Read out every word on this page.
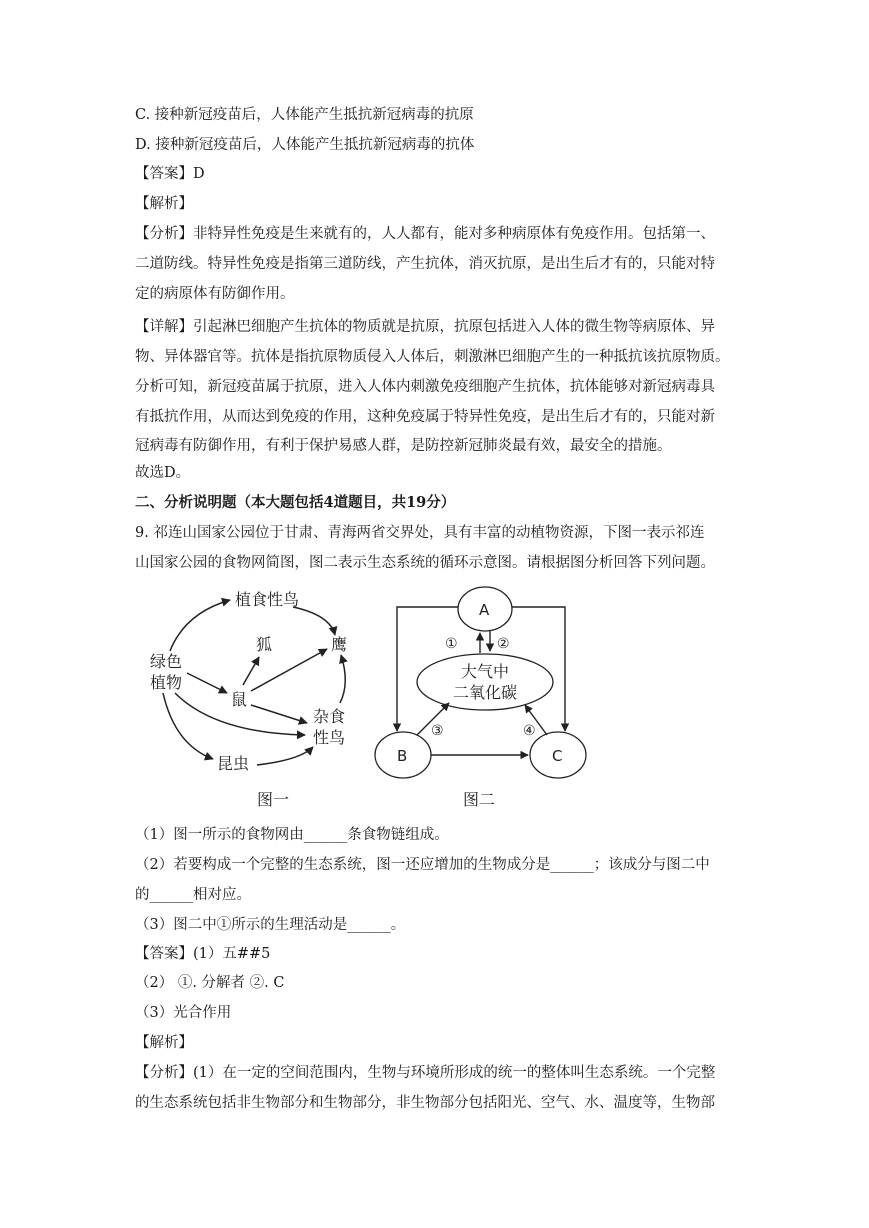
C. 接种新冠疫苗后，人体能产生抵抗新冠病毒的抗原
D. 接种新冠疫苗后，人体能产生抵抗新冠病毒的抗体
【答案】D
【解析】
【分析】非特异性免疫是生来就有的，人人都有，能对多种病原体有免疫作用。包括第一、
二道防线。特异性免疫是指第三道防线，产生抗体，消灭抗原，是出生后才有的，只能对特
定的病原体有防御作用。
【详解】引起淋巴细胞产生抗体的物质就是抗原，抗原包括进入人体的微生物等病原体、异
物、异体器官等。抗体是指抗原物质侵入人体后，刺激淋巴细胞产生的一种抵抗该抗原物质。
分析可知，新冠疫苗属于抗原，进入人体内刺激免疫细胞产生抗体，抗体能够对新冠病毒具
有抵抗作用，从而达到免疫的作用，这种免疫属于特异性免疫，是出生后才有的，只能对新
冠病毒有防御作用，有利于保护易感人群，是防控新冠肺炎最有效，最安全的措施。
故选D。
二、分析说明题（本大题包括4道题目，共19分）
9. 祁连山国家公园位于甘肃、青海两省交界处，具有丰富的动植物资源，下图一表示祁连
山国家公园的食物网简图，图二表示生态系统的循环示意图。请根据图分析回答下列问题。
绿色
植物
植食性鸟
狐	鹰
鼠
杂食
性鸟
昆虫
图一
A
大气中
二氧化碳
B	C
①	②
③	④
图二
（1）图一所示的食物网由______条食物链组成。
（2）若要构成一个完整的生态系统，图一还应增加的生物成分是______；该成分与图二中
的______相对应。
（3）图二中①所示的生理活动是______。
【答案】(1）五##5
（2） ①. 分解者 ②. C
（3）光合作用
【解析】
【分析】(1）在一定的空间范围内，生物与环境所形成的统一的整体叫生态系统。一个完整
的生态系统包括非生物部分和生物部分，非生物部分包括阳光、空气、水、温度等，生物部
